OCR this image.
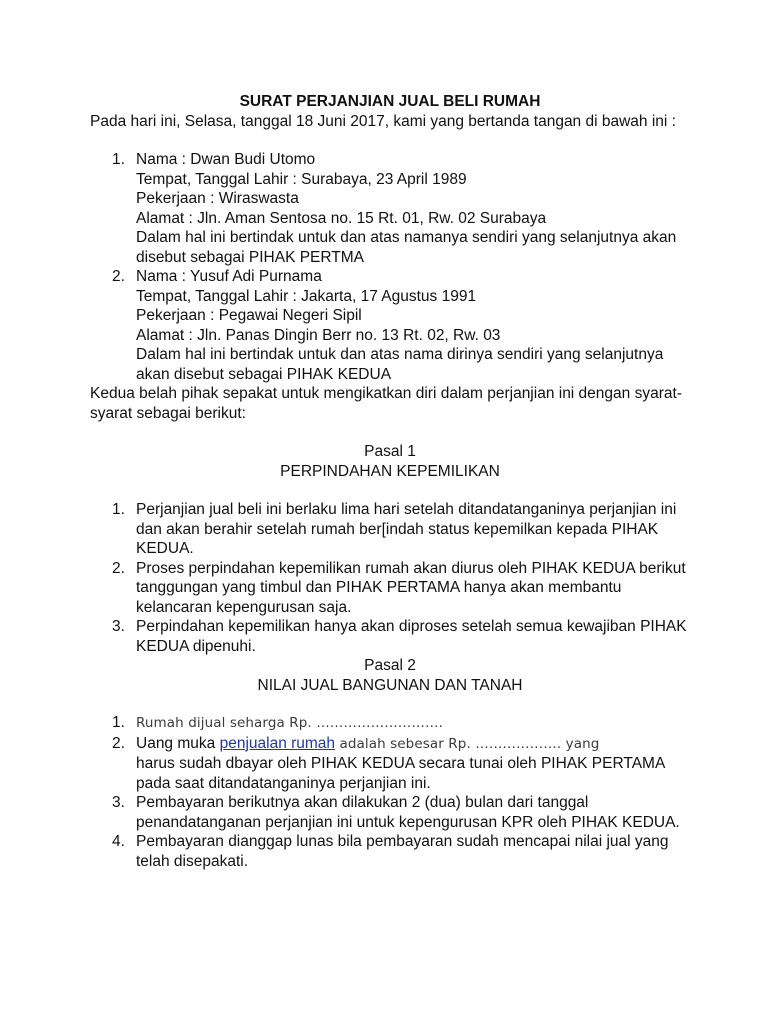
SURAT PERJANJIAN JUAL BELI RUMAH

Pada hari ini, Selasa, tanggal 18 Juni 2017, kami yang bertanda tangan di bawah ini :

1. Nama : Dwan Budi Utomo
Tempat, Tanggal Lahir : Surabaya, 23 April 1989
Pekerjaan : Wiraswasta
Alamat : Jln. Aman Sentosa no. 15 Rt. 01, Rw. 02 Surabaya
Dalam hal ini bertindak untuk dan atas namanya sendiri yang selanjutnya akan disebut sebagai PIHAK PERTMA
2. Nama : Yusuf Adi Purnama
Tempat, Tanggal Lahir : Jakarta, 17 Agustus 1991
Pekerjaan : Pegawai Negeri Sipil
Alamat : Jln. Panas Dingin Berr no. 13 Rt. 02, Rw. 03
Dalam hal ini bertindak untuk dan atas nama dirinya sendiri yang selanjutnya akan disebut sebagai PIHAK KEDUA

Kedua belah pihak sepakat untuk mengikatkan diri dalam perjanjian ini dengan syarat-syarat sebagai berikut:

Pasal 1

PERPINDAHAN KEPEMILIKAN

1. Perjanjian jual beli ini berlaku lima hari setelah ditandatanganinya perjanjian ini dan akan berahir setelah rumah ber[indah status kepemilkan kepada PIHAK KEDUA.
2. Proses perpindahan kepemilikan rumah akan diurus oleh PIHAK KEDUA berikut tanggungan yang timbul dan PIHAK PERTAMA hanya akan membantu kelancaran kepengurusan saja.
3. Perpindahan kepemilikan hanya akan diproses setelah semua kewajiban PIHAK KEDUA dipenuhi.

Pasal 2

NILAI JUAL BANGUNAN DAN TANAH

1. Rumah dijual seharga Rp. ……………………….
2. Uang muka penjualan rumah adalah sebesar Rp. ………………. yang
harus sudah dbayar oleh PIHAK KEDUA secara tunai oleh PIHAK PERTAMA pada saat ditandatanganinya perjanjian ini.
3. Pembayaran berikutnya akan dilakukan 2 (dua) bulan dari tanggal penandatanganan perjanjian ini untuk kepengurusan KPR oleh PIHAK KEDUA.
4. Pembayaran dianggap lunas bila pembayaran sudah mencapai nilai jual yang telah disepakati.
